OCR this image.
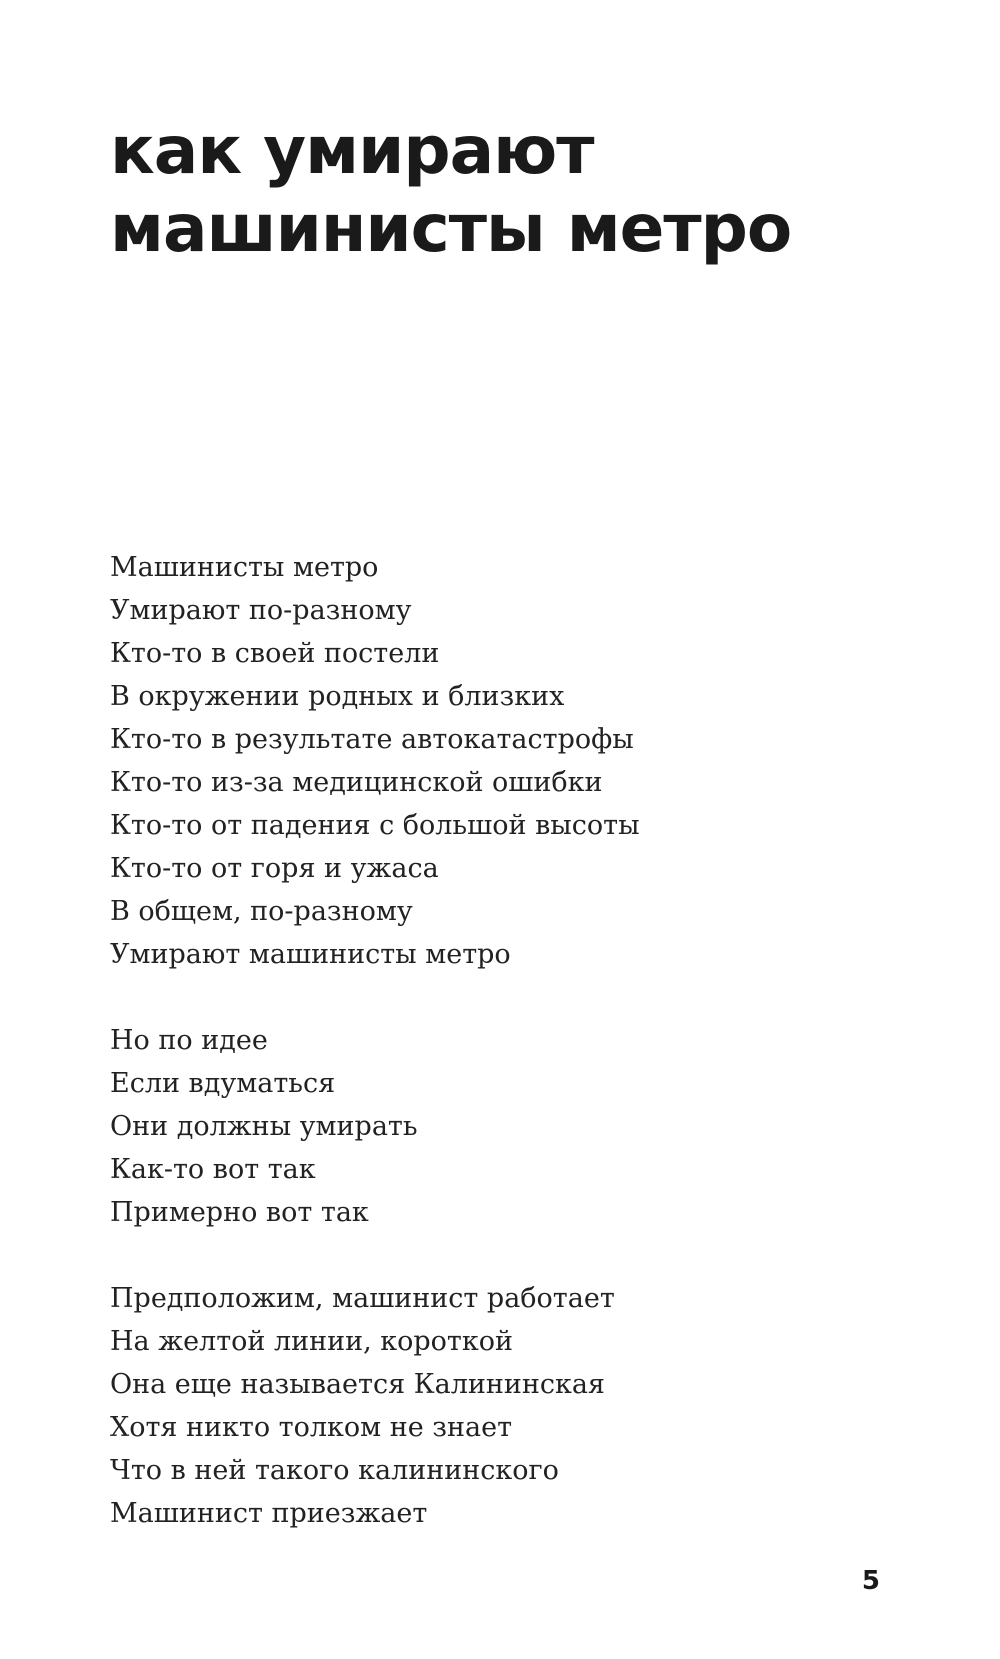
как умирают
машинисты метро
Машинисты метро
Умирают по-разному
Кто-то в своей постели
В окружении родных и близких
Кто-то в результате автокатастрофы
Кто-то из-за медицинской ошибки
Кто-то от падения с большой высоты
Кто-то от горя и ужаса
В общем, по-разному
Умирают машинисты метро
Но по идее
Если вдуматься
Они должны умирать
Как-то вот так
Примерно вот так
Предположим, машинист работает
На желтой линии, короткой
Она еще называется Калининская
Хотя никто толком не знает
Что в ней такого калининского
Машинист приезжает
5
